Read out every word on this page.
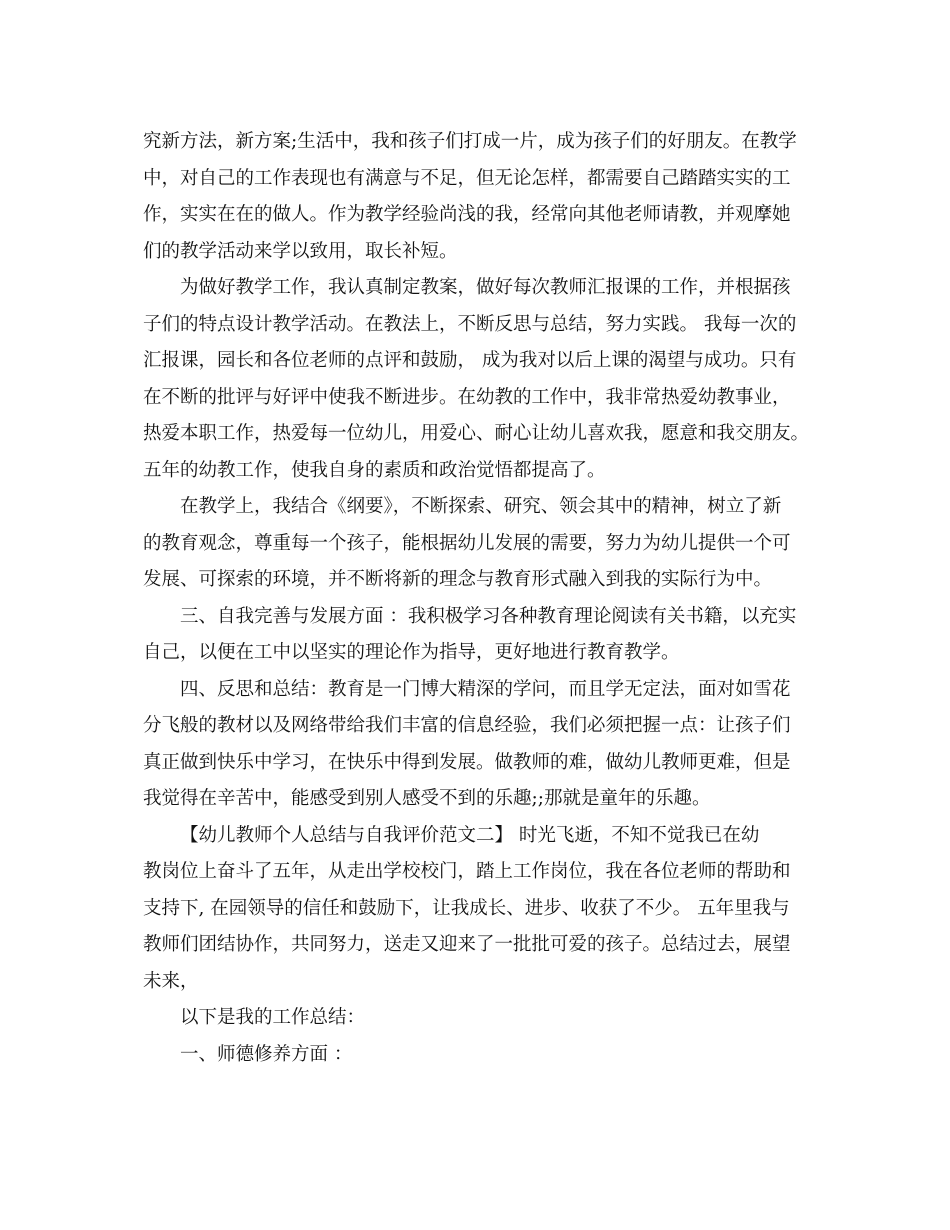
究新方法，新方案;生活中，我和孩子们打成一片，成为孩子们的好朋友。在教学
中，对自己的工作表现也有满意与不足，但无论怎样，都需要自己踏踏实实的工
作，实实在在的做人。作为教学经验尚浅的我，经常向其他老师请教，并观摩她
们的教学活动来学以致用，取长补短。
为做好教学工作，我认真制定教案，做好每次教师汇报课的工作，并根据孩
子们的特点设计教学活动。在教法上，不断反思与总结，努力实践。 我每一次的
汇报课，园长和各位老师的点评和鼓励， 成为我对以后上课的渴望与成功。只有
在不断的批评与好评中使我不断进步。在幼教的工作中，我非常热爱幼教事业，
热爱本职工作，热爱每一位幼儿，用爱心、耐心让幼儿喜欢我，愿意和我交朋友。
五年的幼教工作，使我自身的素质和政治觉悟都提高了。
在教学上，我结合《纲要》，不断探索、研究、领会其中的精神，树立了新
的教育观念，尊重每一个孩子，能根据幼儿发展的需要，努力为幼儿提供一个可
发展、可探索的环境，并不断将新的理念与教育形式融入到我的实际行为中。
三、自我完善与发展方面 ：我积极学习各种教育理论阅读有关书籍，以充实
自己，以便在工中以坚实的理论作为指导，更好地进行教育教学。
四、反思和总结：教育是一门博大精深的学问，而且学无定法，面对如雪花
分飞般的教材以及网络带给我们丰富的信息经验，我们必须把握一点：让孩子们
真正做到快乐中学习，在快乐中得到发展。做教师的难，做幼儿教师更难，但是
我觉得在辛苦中，能感受到别人感受不到的乐趣;;那就是童年的乐趣。
【幼儿教师个人总结与自我评价范文二】 时光飞逝，不知不觉我已在幼
教岗位上奋斗了五年，从走出学校校门，踏上工作岗位，我在各位老师的帮助和
支持下, 在园领导的信任和鼓励下，让我成长、进步、收获了不少。 五年里我与
教师们团结协作，共同努力，送走又迎来了一批批可爱的孩子。总结过去，展望
未来，
以下是我的工作总结：
一、师德修养方面 ：
